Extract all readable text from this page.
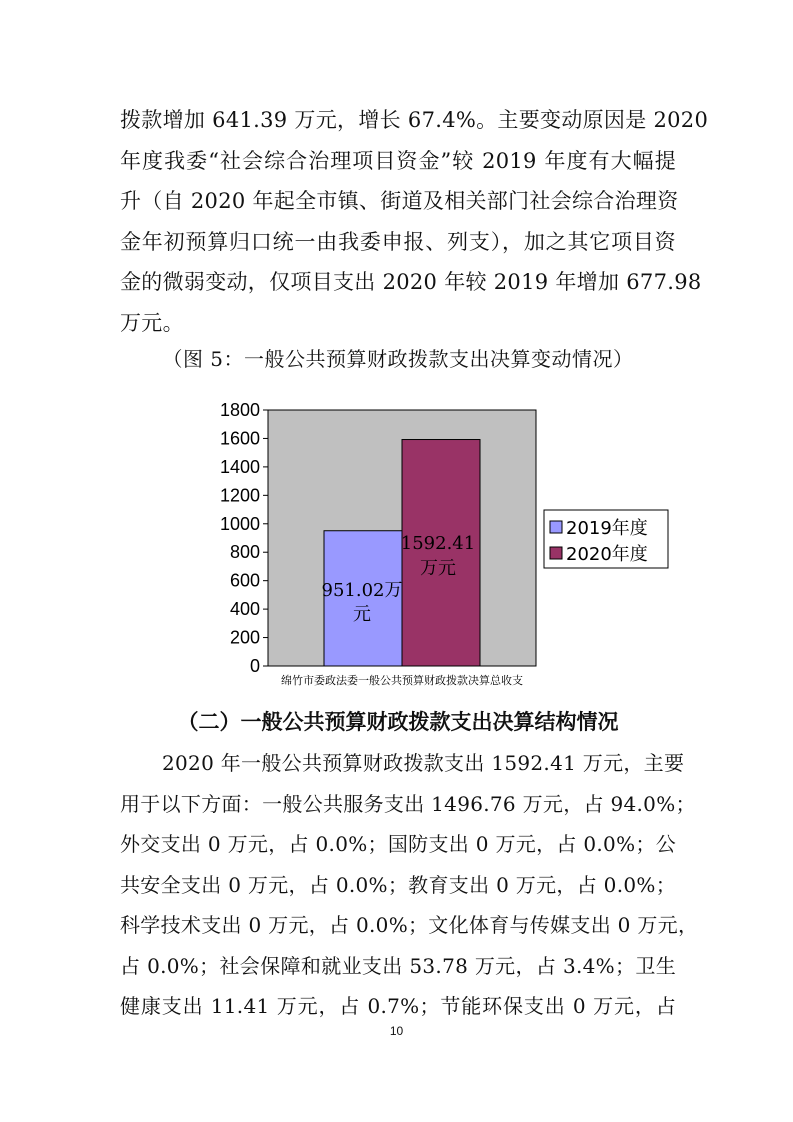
拨款增加 641.39 万元，增长 67.4%。主要变动原因是 2020
年度我委“社会综合治理项目资金”较 2019 年度有大幅提
升（自 2020 年起全市镇、街道及相关部门社会综合治理资
金年初预算归口统一由我委申报、列支），加之其它项目资
金的微弱变动，仅项目支出 2020 年较 2019 年增加 677.98
万元。

（图 5：一般公共预算财政拨款支出决算变动情况）

0
200
400
600
800
1000
1200
1400
1600
1800
951.02万
元
1592.41
万元
绵竹市委政法委一般公共预算财政拨款决算总收支
2019年度
2020年度

（二）一般公共预算财政拨款支出决算结构情况

2020 年一般公共预算财政拨款支出 1592.41 万元，主要
用于以下方面：一般公共服务支出 1496.76 万元，占 94.0%；
外交支出 0 万元，占 0.0%；国防支出 0 万元，占 0.0%；公
共安全支出 0 万元，占 0.0%；教育支出 0 万元，占 0.0%；
科学技术支出 0 万元，占 0.0%；文化体育与传媒支出 0 万元，
占 0.0%；社会保障和就业支出 53.78 万元，占 3.4%；卫生
健康支出 11.41 万元，占 0.7%；节能环保支出 0 万元，占
10
